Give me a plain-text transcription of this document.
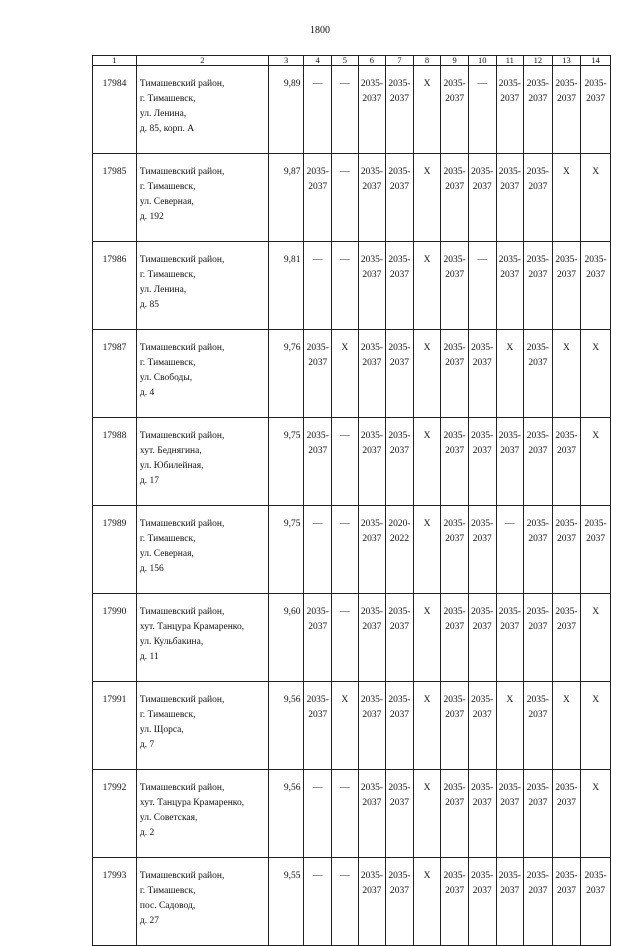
1800
1	2	3	4	5	6	7	8	9	10	11	12	13	14
17984	Тимашевский район,
г. Тимашевск,
ул. Ленина,
д. 85, корп. А	9,89	—	—	2035-
2037	2035-
2037	X	2035-
2037	—	2035-
2037	2035-
2037	2035-
2037	2035-
2037

17985	Тимашевский район,
г. Тимашевск,
ул. Северная,
д. 192	9,87	2035-
2037	—	2035-
2037	2035-
2037	X	2035-
2037	2035-
2037	2035-
2037	2035-
2037	X	X
17986	Тимашевский район,
г. Тимашевск,
ул. Ленина,
д. 85	9,81	—	—	2035-
2037	2035-
2037	X	2035-
2037	—	2035-
2037	2035-
2037	2035-
2037	2035-
2037

17987	Тимашевский район,
г. Тимашевск,
ул. Свободы,
д. 4	9,76	2035-
2037	X	2035-
2037	2035-
2037	X	2035-
2037	2035-
2037	X	2035-
2037	X	X
17988	Тимашевский район,
хут. Беднягина,
ул. Юбилейная,
д. 17	9,75	2035-
2037	—	2035-
2037	2035-
2037	X	2035-
2037	2035-
2037	2035-
2037	2035-
2037	2035-
2037	X
17989	Тимашевский район,
г. Тимашевск,
ул. Северная,
д. 156	9,75	—	—	2035-
2037	2020-
2022	X	2035-
2037	2035-
2037	—	2035-
2037	2035-
2037	2035-
2037

17990	Тимашевский район,
хут. Танцура Крамаренко,
ул. Кульбакина,
д. 11	9,60	2035-
2037	—	2035-
2037	2035-
2037	X	2035-
2037	2035-
2037	2035-
2037	2035-
2037	2035-
2037	X
17991	Тимашевский район,
г. Тимашевск,
ул. Щорса,
д. 7	9,56	2035-
2037	X	2035-
2037	2035-
2037	X	2035-
2037	2035-
2037	X	2035-
2037	X	X
17992	Тимашевский район,
хут. Танцура Крамаренко,
ул. Советская,
д. 2	9,56	—	—	2035-
2037	2035-
2037	X	2035-
2037	2035-
2037	2035-
2037	2035-
2037	2035-
2037	X
17993	Тимашевский район,
г. Тимашевск,
пос. Садовод,
д. 27	9,55	—	—	2035-
2037	2035-
2037	X	2035-
2037	2035-
2037	2035-
2037	2035-
2037	2035-
2037	2035-
2037
